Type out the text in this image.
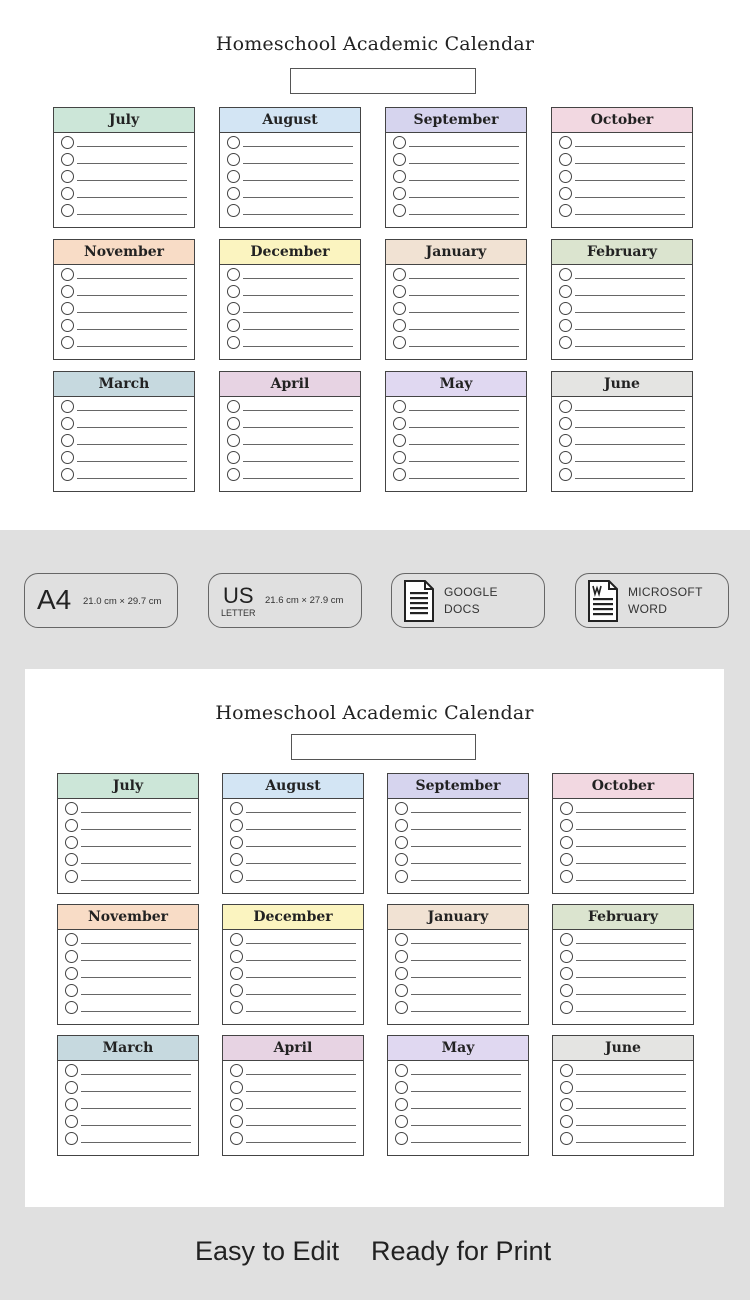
Homeschool Academic Calendar
July	August	September	October
November	December	January	February
March	April	May	June
A4 21.0 cm × 29.7 cm	US
LETTER
21.6 cm × 27.9 cm
GOOGLE
DOCS
MICROSOFT
WORD
Homeschool Academic Calendar
July	August	September	October
November	December	January	February
March	April	May	June
Easy to Edit Ready for Print
